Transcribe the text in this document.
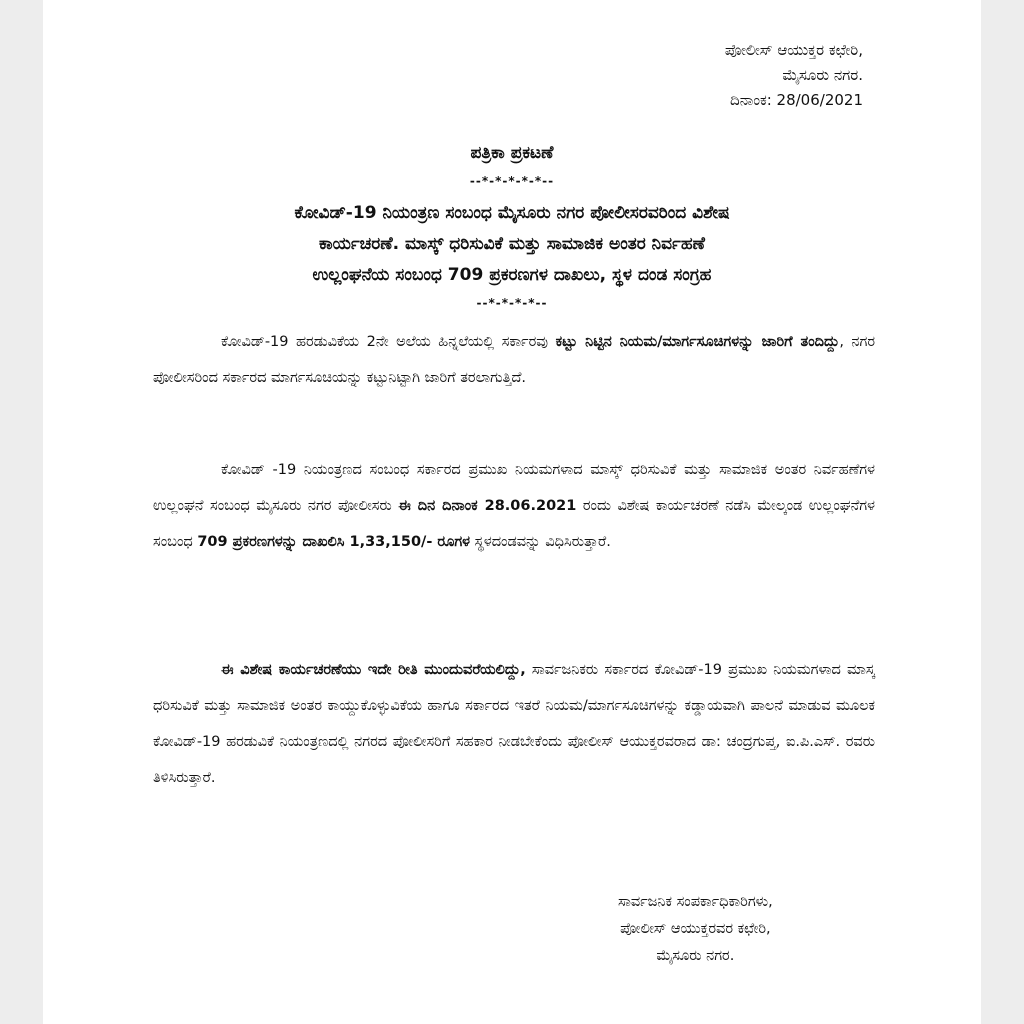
ಪೋಲೀಸ್ ಆಯುಕ್ತರ ಕಛೇರಿ,
ಮೈಸೂರು ನಗರ.
ದಿನಾಂಕ: 28/06/2021
ಪತ್ರಿಕಾ ಪ್ರಕಟಣೆ
--*-*-*-*-*--
ಕೋವಿಡ್-19 ನಿಯಂತ್ರಣ ಸಂಬಂಧ ಮೈಸೂರು ನಗರ ಪೋಲೀಸರವರಿಂದ ವಿಶೇಷ
ಕಾರ್ಯಚರಣೆ. ಮಾಸ್ಕ್ ಧರಿಸುವಿಕೆ ಮತ್ತು ಸಾಮಾಜಿಕ ಅಂತರ ನಿರ್ವಹಣೆ
ಉಲ್ಲಂಘನೆಯ ಸಂಬಂಧ 709 ಪ್ರಕರಣಗಳ ದಾಖಲು, ಸ್ಥಳ ದಂಡ ಸಂಗ್ರಹ
--*-*-*-*--

ಕೋವಿಡ್-19 ಹರಡುವಿಕೆಯ 2ನೇ ಅಲೆಯ ಹಿನ್ನಲೆಯಲ್ಲಿ ಸರ್ಕಾರವು ಕಟ್ಟು ನಿಟ್ಟಿನ ನಿಯಮ/ಮಾರ್ಗಸೂಚಿಗಳನ್ನು ಜಾರಿಗೆ ತಂದಿದ್ದು, ನಗರ ಪೋಲೀಸರಿಂದ ಸರ್ಕಾರದ ಮಾರ್ಗಸೂಚಿಯನ್ನು ಕಟ್ಟುನಿಟ್ಟಾಗಿ ಜಾರಿಗೆ ತರಲಾಗುತ್ತಿದೆ.

ಕೋವಿಡ್ -19 ನಿಯಂತ್ರಣದ ಸಂಬಂಧ ಸರ್ಕಾರದ ಪ್ರಮುಖ ನಿಯಮಗಳಾದ ಮಾಸ್ಕ್ ಧರಿಸುವಿಕೆ ಮತ್ತು ಸಾಮಾಜಿಕ ಅಂತರ ನಿರ್ವಹಣೆಗಳ ಉಲ್ಲಂಘನೆ ಸಂಬಂಧ ಮೈಸೂರು ನಗರ ಪೋಲೀಸರು ಈ ದಿನ ದಿನಾಂಕ 28.06.2021 ರಂದು ವಿಶೇಷ ಕಾರ್ಯಚರಣೆ ನಡೆಸಿ ಮೇಲ್ಕಂಡ ಉಲ್ಲಂಘನೆಗಳ ಸಂಬಂಧ 709 ಪ್ರಕರಣಗಳನ್ನು ದಾಖಲಿಸಿ 1,33,150/- ರೂಗಳ ಸ್ಥಳದಂಡವನ್ನು ವಿಧಿಸಿರುತ್ತಾರೆ.

ಈ ವಿಶೇಷ ಕಾರ್ಯಚರಣೆಯು ಇದೇ ರೀತಿ ಮುಂದುವರೆಯಲಿದ್ದು, ಸಾರ್ವಜನಿಕರು ಸರ್ಕಾರದ ಕೋವಿಡ್-19 ಪ್ರಮುಖ ನಿಯಮಗಳಾದ ಮಾಸ್ಕ ಧರಿಸುವಿಕೆ ಮತ್ತು ಸಾಮಾಜಿಕ ಅಂತರ ಕಾಯ್ದುಕೊಳ್ಳುವಿಕೆಯ ಹಾಗೂ ಸರ್ಕಾರದ ಇತರೆ ನಿಯಮ/ಮಾರ್ಗಸೂಚಿಗಳನ್ನು ಕಡ್ಡಾಯವಾಗಿ ಪಾಲನೆ ಮಾಡುವ ಮೂಲಕ ಕೋವಿಡ್-19 ಹರಡುವಿಕೆ ನಿಯಂತ್ರಣದಲ್ಲಿ ನಗರದ ಪೋಲೀಸರಿಗೆ ಸಹಕಾರ ನೀಡಬೇಕೆಂದು ಪೋಲೀಸ್ ಆಯುಕ್ತರವರಾದ ಡಾ: ಚಂದ್ರಗುಪ್ತ, ಐ.ಪಿ.ಎಸ್. ರವರು ತಿಳಿಸಿರುತ್ತಾರೆ.

ಸಾರ್ವಜನಿಕ ಸಂಪರ್ಕಾಧಿಕಾರಿಗಳು,
ಪೋಲೀಸ್ ಆಯುಕ್ತರವರ ಕಛೇರಿ,
ಮೈಸೂರು ನಗರ.
